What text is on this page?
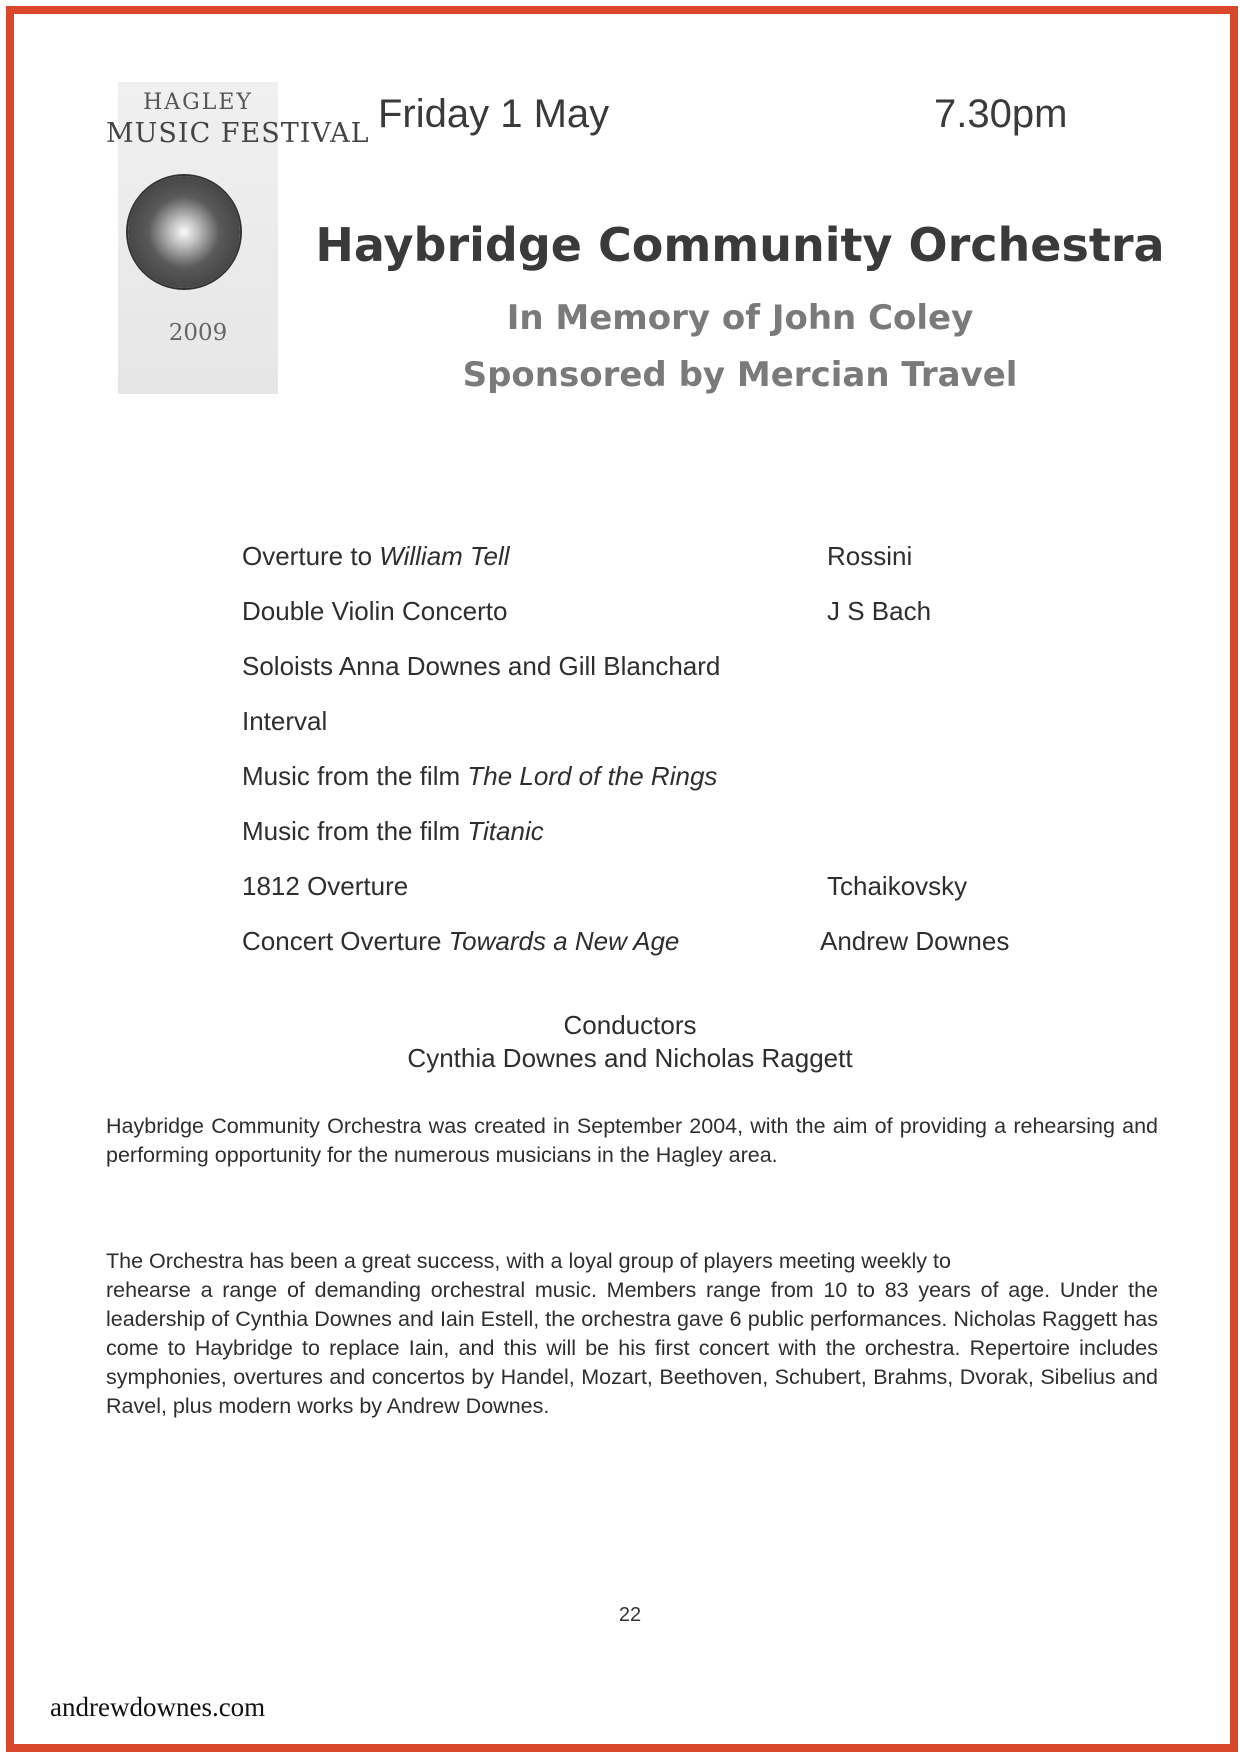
HAGLEY
MUSIC FESTIVAL
2009
Friday 1 May	7.30pm
Haybridge Community Orchestra
In Memory of John Coley
Sponsored by Mercian Travel
Overture to William Tell	Rossini
Double Violin Concerto	J S Bach
Soloists Anna Downes and Gill Blanchard
Interval
Music from the film The Lord of the Rings
Music from the film Titanic
1812 Overture	Tchaikovsky
Concert Overture Towards a New Age	Andrew Downes
Conductors
Cynthia Downes and Nicholas Raggett
Haybridge Community Orchestra was created in September 2004, with the aim of providing a rehearsing and performing opportunity for the numerous musicians in the Hagley area.
The Orchestra has been a great success, with a loyal group of players meeting weekly to
rehearse a range of demanding orchestral music. Members range from 10 to 83 years of age. Under the leadership of Cynthia Downes and Iain Estell, the orchestra gave 6 public performances. Nicholas Raggett has come to Haybridge to replace Iain, and this will be his first concert with the orchestra. Repertoire includes symphonies, overtures and concertos by Handel, Mozart, Beethoven, Schubert, Brahms, Dvorak, Sibelius and Ravel, plus modern works by Andrew Downes.
22
andrewdownes.com
